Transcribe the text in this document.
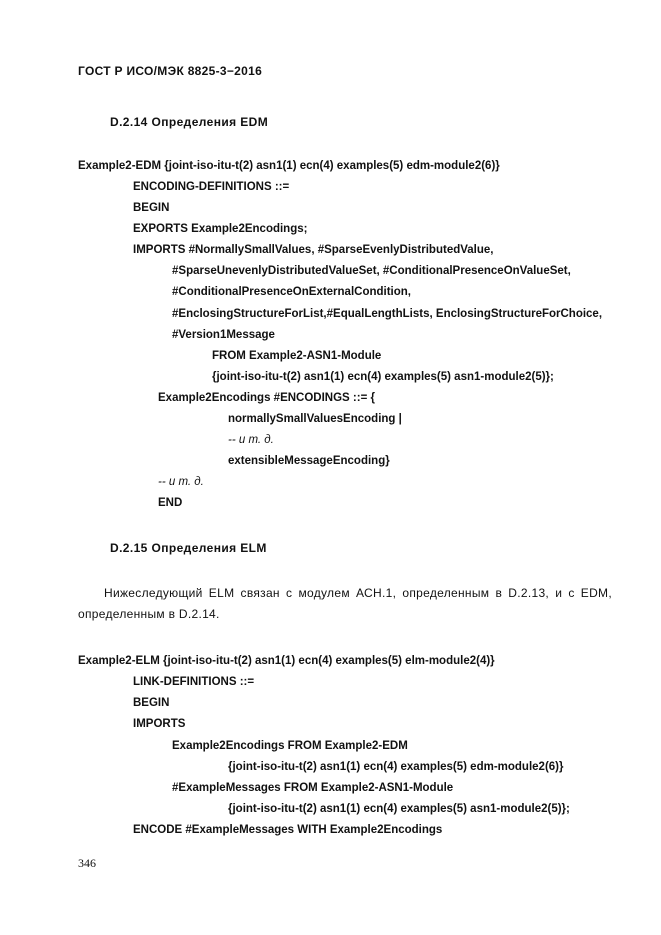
ГОСТ Р ИСО/МЭК 8825-3−2016
D.2.14 Определения EDM
Example2-EDM {joint-iso-itu-t(2) asn1(1) ecn(4) examples(5) edm-module2(6)}
ENCODING-DEFINITIONS ::=
BEGIN
EXPORTS Example2Encodings;
IMPORTS #NormallySmallValues, #SparseEvenlyDistributedValue,
#SparseUnevenlyDistributedValueSet, #ConditionalPresenceOnValueSet,
#ConditionalPresenceOnExternalCondition,
#EnclosingStructureForList,#EqualLengthLists, EnclosingStructureForChoice,
#Version1Message
FROM Example2-ASN1-Module
{joint-iso-itu-t(2) asn1(1) ecn(4) examples(5) asn1-module2(5)};
Example2Encodings #ENCODINGS ::= {
normallySmallValuesEncoding |
-- и т. д.
extensibleMessageEncoding}
-- и т. д.
END
D.2.15 Определения ELM
Нижеследующий ELM связан с модулем АСН.1, определенным в D.2.13, и с EDM, определенным в D.2.14.
Example2-ELM {joint-iso-itu-t(2) asn1(1) ecn(4) examples(5) elm-module2(4)}
LINK-DEFINITIONS ::=
BEGIN
IMPORTS
Example2Encodings FROM Example2-EDM
{joint-iso-itu-t(2) asn1(1) ecn(4) examples(5) edm-module2(6)}
#ExampleMessages FROM Example2-ASN1-Module
{joint-iso-itu-t(2) asn1(1) ecn(4) examples(5) asn1-module2(5)};
ENCODE #ExampleMessages WITH Example2Encodings
346
